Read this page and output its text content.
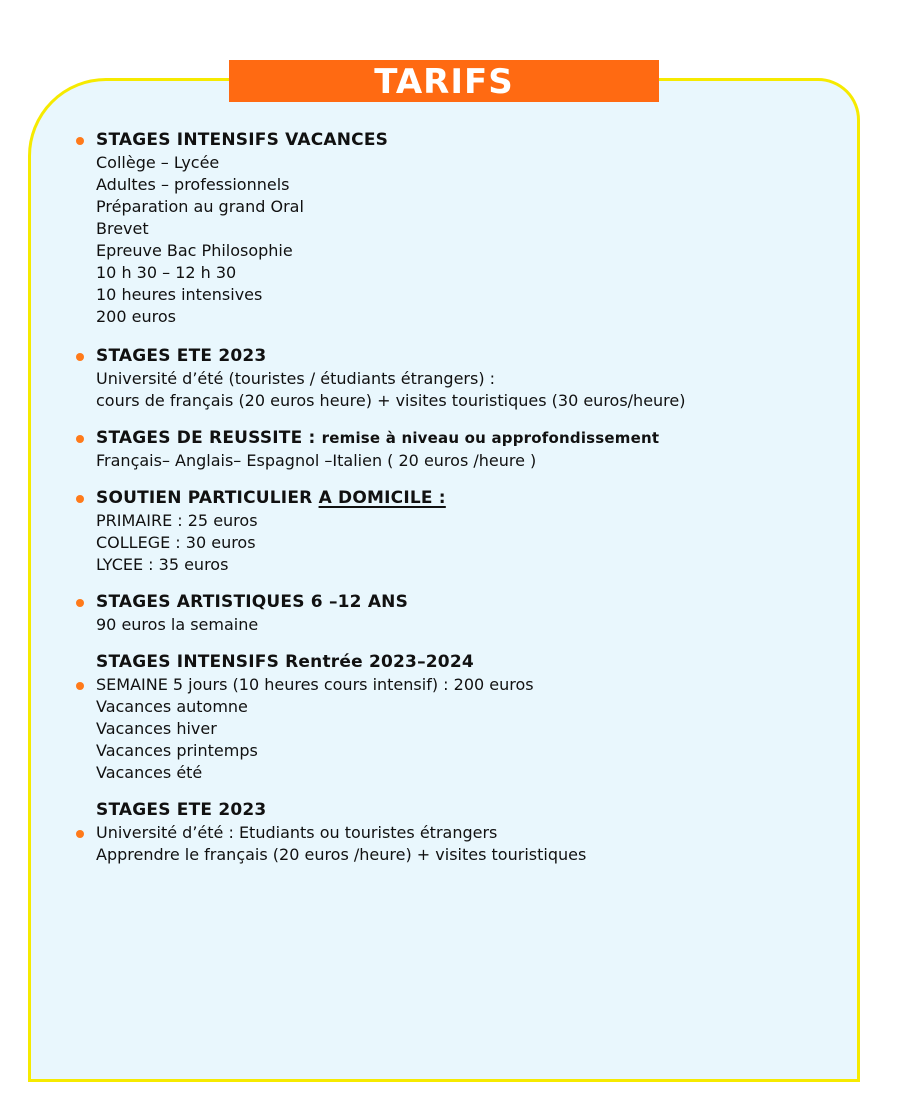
TARIFS
STAGES INTENSIFS VACANCES
Collège – Lycée
Adultes – professionnels
Préparation au grand Oral
Brevet
Epreuve Bac Philosophie
10 h 30 – 12 h 30
10 heures intensives
200 euros
STAGES ETE 2023
Université d’été (touristes / étudiants étrangers) :
cours de français (20 euros heure) + visites touristiques (30 euros/heure)
STAGES DE REUSSITE : remise à niveau ou approfondissement
Français– Anglais– Espagnol –Italien ( 20 euros /heure )
SOUTIEN PARTICULIER A DOMICILE :
PRIMAIRE : 25 euros
COLLEGE : 30 euros
LYCEE : 35 euros
STAGES ARTISTIQUES 6 –12 ANS
90 euros la semaine
STAGES INTENSIFS Rentrée 2023–2024
SEMAINE 5 jours (10 heures cours intensif) : 200 euros
Vacances automne
Vacances hiver
Vacances printemps
Vacances été
STAGES ETE 2023
Université d’été : Etudiants ou touristes étrangers
Apprendre le français (20 euros /heure) + visites touristiques
